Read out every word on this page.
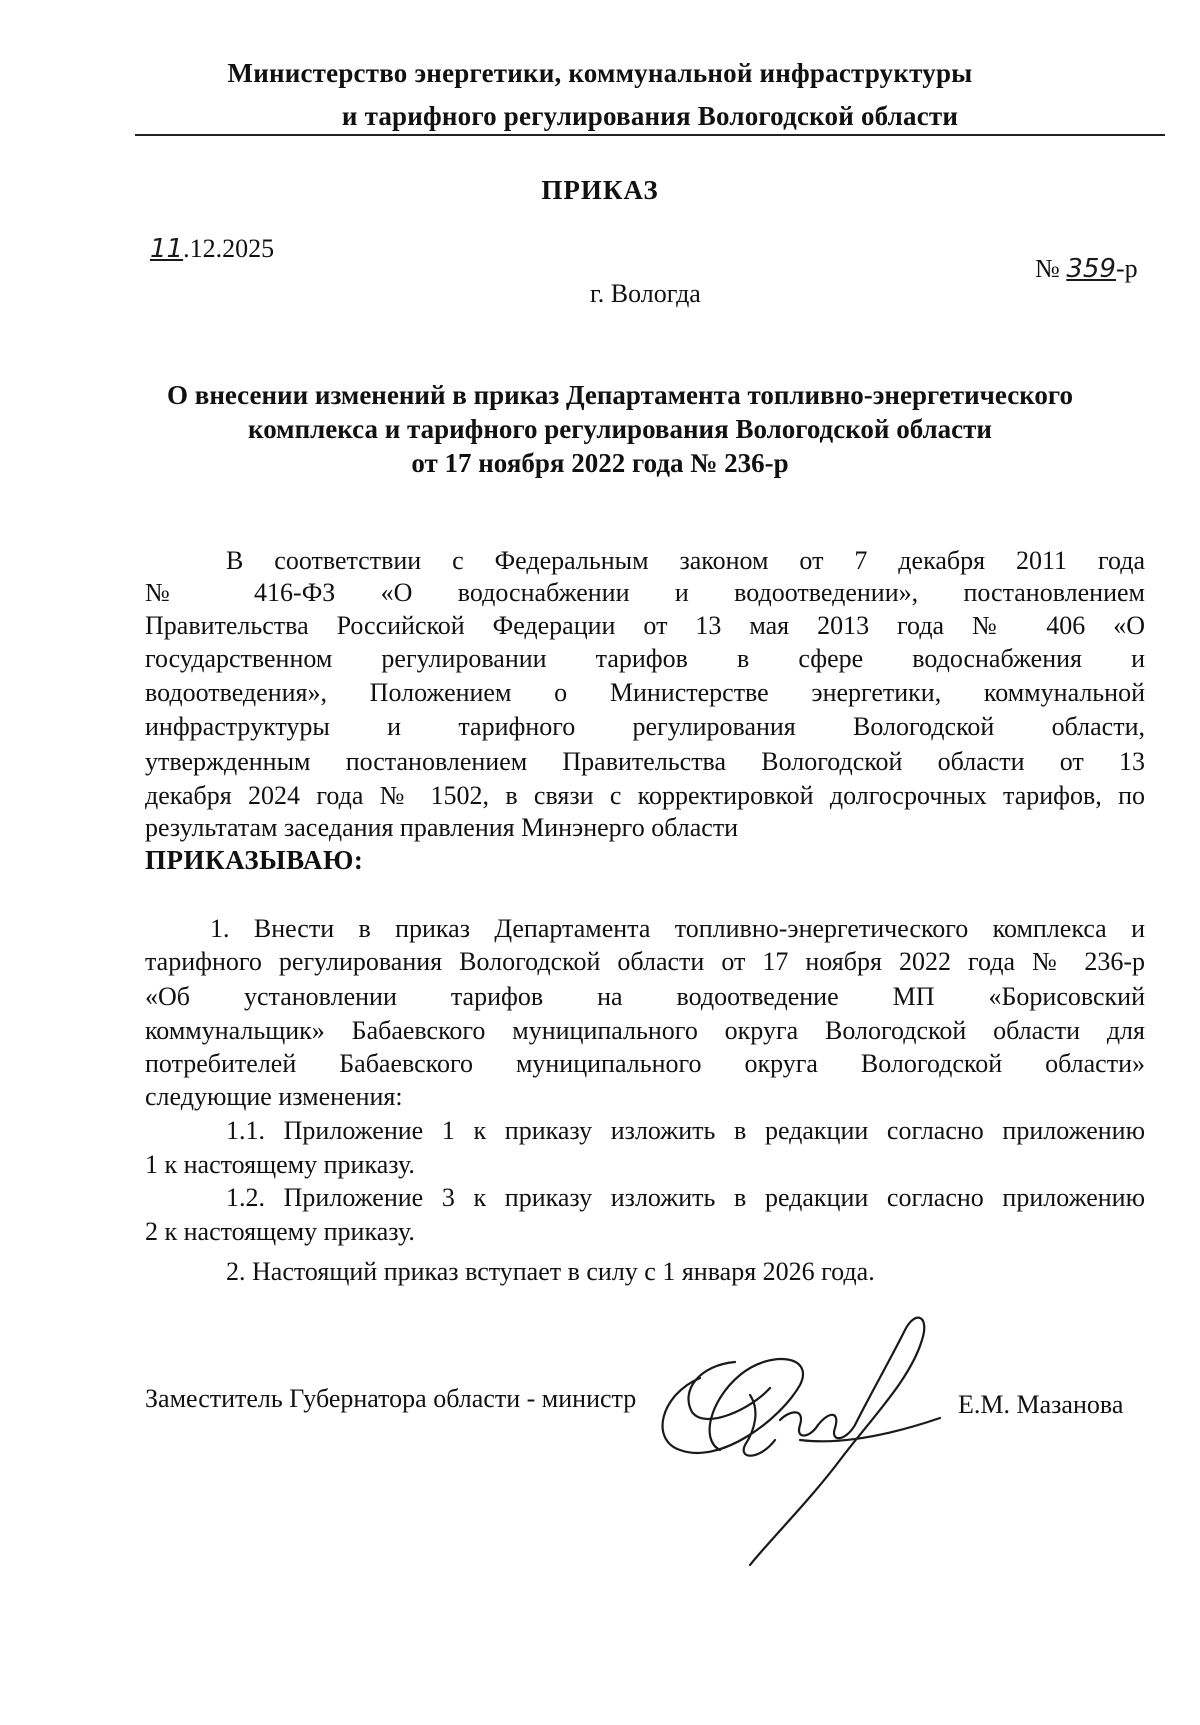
Министерство энергетики, коммунальной инфраструктуры
и тарифного регулирования Вологодской области
ПРИКАЗ
11.12.2025
№ 359-р
г. Вологда
О внесении изменений в приказ Департамента топливно-энергетического
комплекса и тарифного регулирования Вологодской области
от 17 ноября 2022 года № 236-р
В соответствии с Федеральным законом от 7 декабря 2011 года
№ 416-ФЗ «О водоснабжении и водоотведении», постановлением
Правительства Российской Федерации от 13 мая 2013 года № 406 «О
государственном регулировании тарифов в сфере водоснабжения и
водоотведения», Положением о Министерстве энергетики, коммунальной
инфраструктуры и тарифного регулирования Вологодской области,
утвержденным постановлением Правительства Вологодской области от 13
декабря 2024 года № 1502, в связи с корректировкой долгосрочных тарифов, по
результатам заседания правления Минэнерго области
ПРИКАЗЫВАЮ:
1. Внести в приказ Департамента топливно-энергетического комплекса и
тарифного регулирования Вологодской области от 17 ноября 2022 года № 236-р
«Об установлении тарифов на водоотведение МП «Борисовский
коммунальщик» Бабаевского муниципального округа Вологодской области для
потребителей Бабаевского муниципального округа Вологодской области»
следующие изменения:
1.1. Приложение 1 к приказу изложить в редакции согласно приложению
1 к настоящему приказу.
1.2. Приложение 3 к приказу изложить в редакции согласно приложению
2 к настоящему приказу.
2. Настоящий приказ вступает в силу с 1 января 2026 года.
Заместитель Губернатора области - министр	Е.М. Мазанова
